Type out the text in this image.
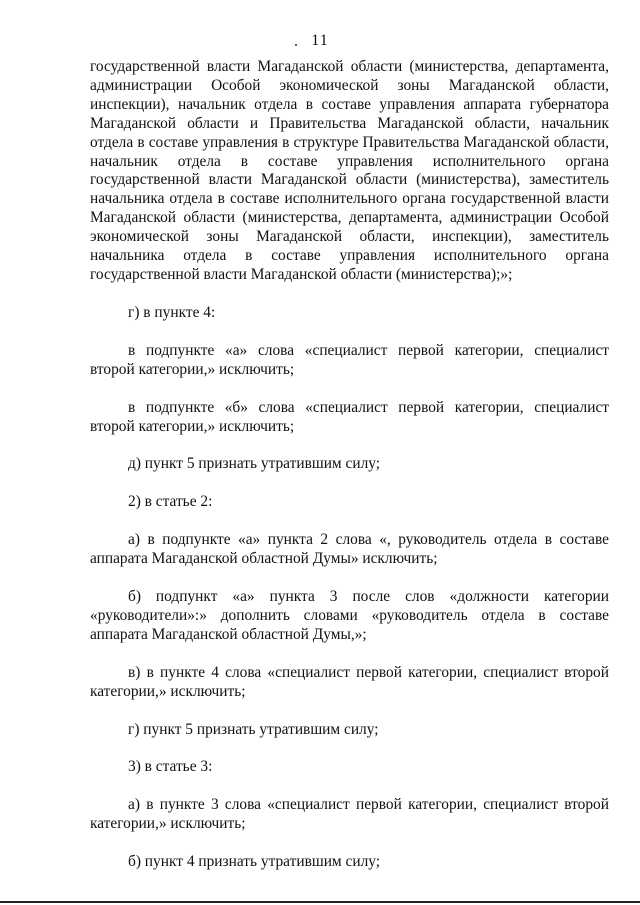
11

государственной власти Магаданской области (министерства, департамента, администрации Особой экономической зоны Магаданской области, инспекции), начальник отдела в составе управления аппарата губернатора Магаданской области и Правительства Магаданской области, начальник отдела в составе управления в структуре Правительства Магаданской области, начальник отдела в составе управления исполнительного органа государственной власти Магаданской области (министерства), заместитель начальника отдела в составе исполнительного органа государственной власти Магаданской области (министерства, департамента, администрации Особой экономической зоны Магаданской области, инспекции), заместитель начальника отдела в составе управления исполнительного органа государственной власти Магаданской области (министерства);»;

г) в пункте 4:

в подпункте «а» слова «специалист первой категории, специалист второй категории,» исключить;

в подпункте «б» слова «специалист первой категории, специалист второй категории,» исключить;

д) пункт 5 признать утратившим силу;

2) в статье 2:

а) в подпункте «а» пункта 2 слова «, руководитель отдела в составе аппарата Магаданской областной Думы» исключить;

б) подпункт «а» пункта 3 после слов «должности категории «руководители»:» дополнить словами «руководитель отдела в составе аппарата Магаданской областной Думы,»;

в) в пункте 4 слова «специалист первой категории, специалист второй категории,» исключить;

г) пункт 5 признать утратившим силу;

3) в статье 3:

а) в пункте 3 слова «специалист первой категории, специалист второй категории,» исключить;

б) пункт 4 признать утратившим силу;
